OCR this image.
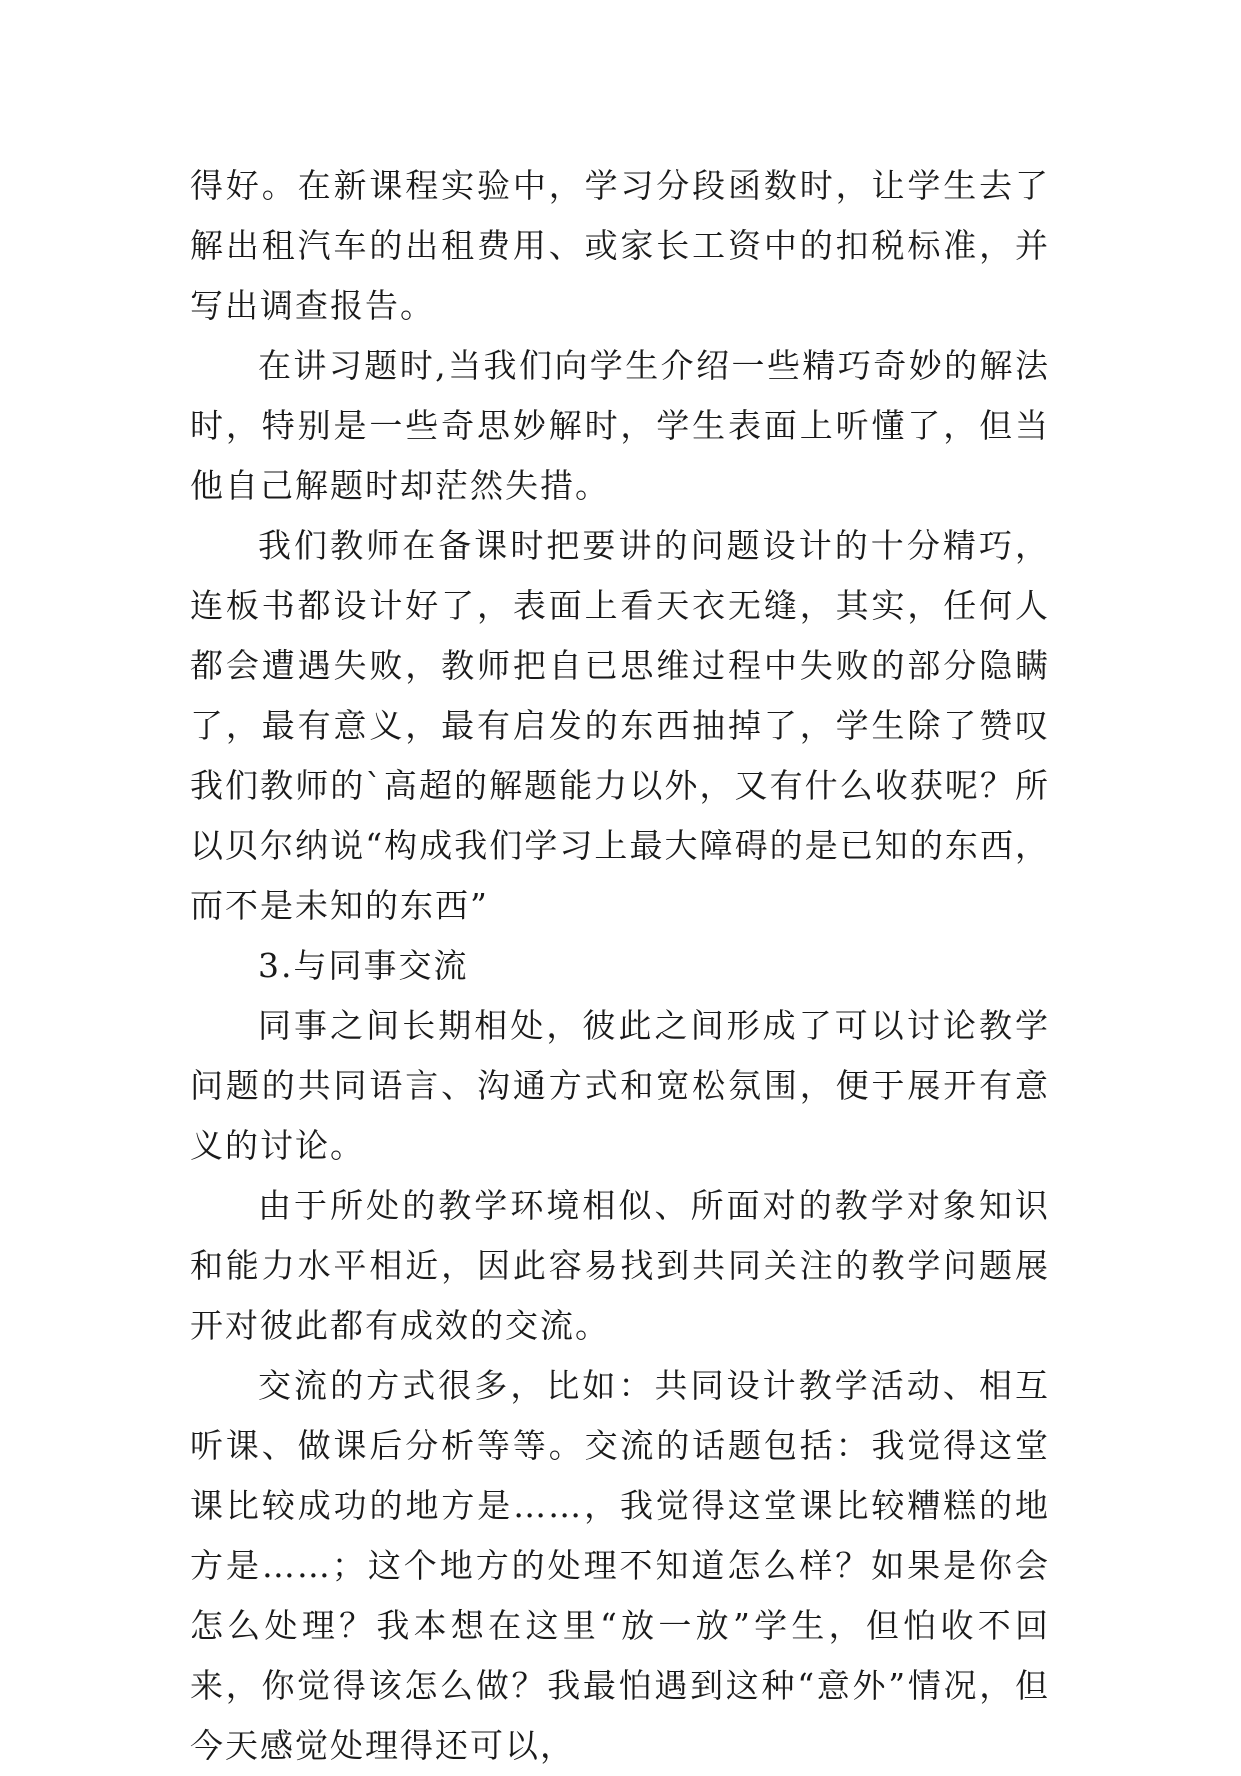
得好。在新课程实验中，学习分段函数时，让学生去了解出租汽车的出租费用、或家长工资中的扣税标准，并写出调查报告。

在讲习题时,当我们向学生介绍一些精巧奇妙的解法时，特别是一些奇思妙解时，学生表面上听懂了，但当他自己解题时却茫然失措。

我们教师在备课时把要讲的问题设计的十分精巧，连板书都设计好了，表面上看天衣无缝，其实，任何人都会遭遇失败，教师把自已思维过程中失败的部分隐瞒了，最有意义，最有启发的东西抽掉了，学生除了赞叹我们教师的`高超的解题能力以外，又有什么收获呢？所以贝尔纳说“构成我们学习上最大障碍的是已知的东西，而不是未知的东西”

3.与同事交流

同事之间长期相处，彼此之间形成了可以讨论教学问题的共同语言、沟通方式和宽松氛围，便于展开有意义的讨论。

由于所处的教学环境相似、所面对的教学对象知识和能力水平相近，因此容易找到共同关注的教学问题展开对彼此都有成效的交流。

交流的方式很多，比如：共同设计教学活动、相互听课、做课后分析等等。交流的话题包括：我觉得这堂课比较成功的地方是……，我觉得这堂课比较糟糕的地方是……；这个地方的处理不知道怎么样？如果是你会怎么处理？我本想在这里“放一放”学生，但怕收不回来，你觉得该怎么做？我最怕遇到这种“意外”情况，但今天感觉处理得还可以，
